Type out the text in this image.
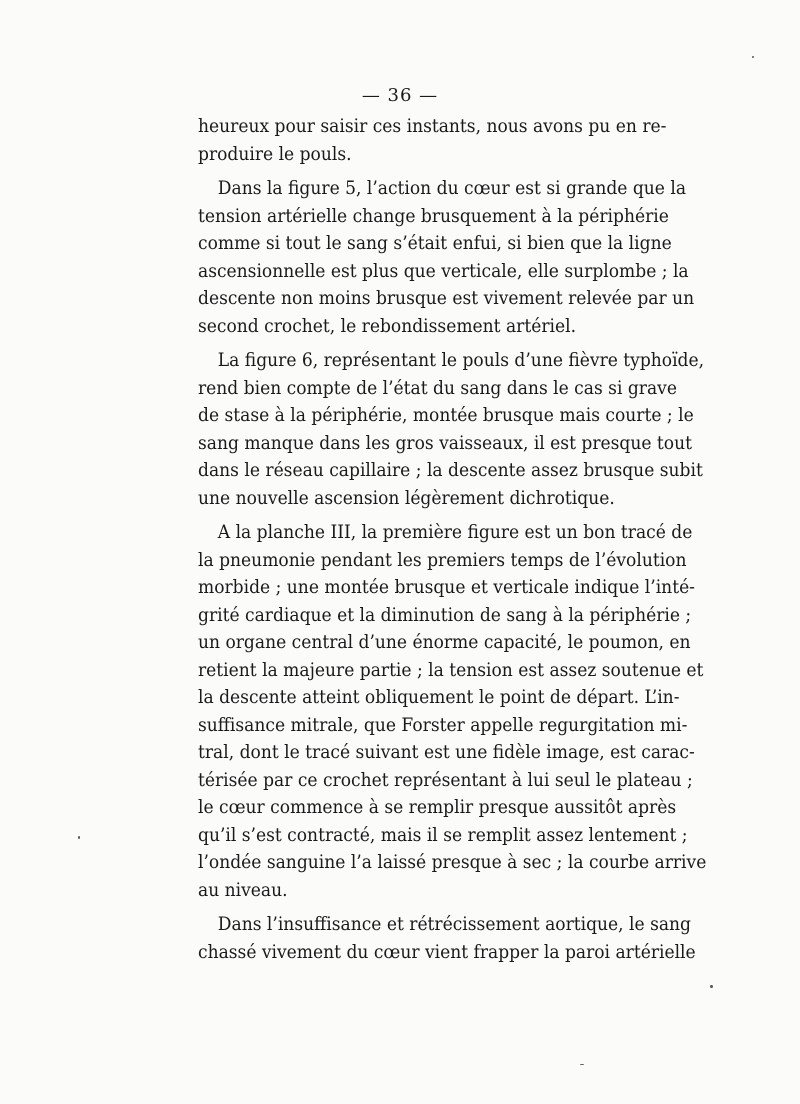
— 36 —
heureux pour saisir ces instants, nous avons pu en re-
produire le pouls.
Dans la figure 5, l’action du cœur est si grande que la
tension artérielle change brusquement à la périphérie
comme si tout le sang s’était enfui, si bien que la ligne
ascensionnelle est plus que verticale, elle surplombe ; la
descente non moins brusque est vivement relevée par un
second crochet, le rebondissement artériel.
La figure 6, représentant le pouls d’une fièvre typhoïde,
rend bien compte de l’état du sang dans le cas si grave
de stase à la périphérie, montée brusque mais courte ; le
sang manque dans les gros vaisseaux, il est presque tout
dans le réseau capillaire ; la descente assez brusque subit
une nouvelle ascension légèrement dichrotique.
A la planche III, la première figure est un bon tracé de
la pneumonie pendant les premiers temps de l’évolution
morbide ; une montée brusque et verticale indique l’inté-
grité cardiaque et la diminution de sang à la périphérie ;
un organe central d’une énorme capacité, le poumon, en
retient la majeure partie ; la tension est assez soutenue et
la descente atteint obliquement le point de départ. L’in-
suffisance mitrale, que Forster appelle regurgitation mi-
tral, dont le tracé suivant est une fidèle image, est carac-
térisée par ce crochet représentant à lui seul le plateau ;
le cœur commence à se remplir presque aussitôt après
qu’il s’est contracté, mais il se remplit assez lentement ;
l’ondée sanguine l’a laissé presque à sec ; la courbe arrive
au niveau.
Dans l’insuffisance et rétrécissement aortique, le sang
chassé vivement du cœur vient frapper la paroi artérielle
